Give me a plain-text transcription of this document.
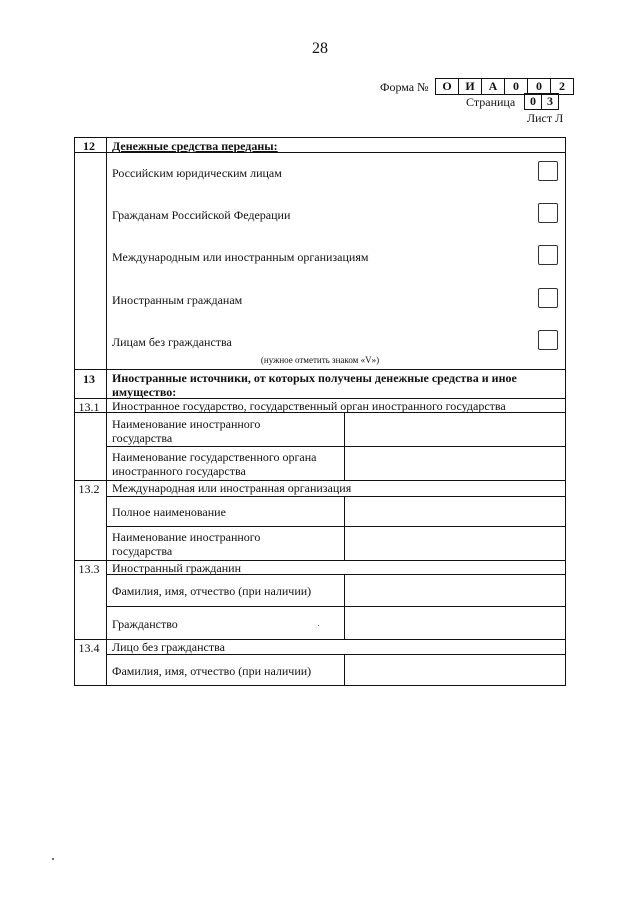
28
Форма №	О	И	А	0	0	2
Страница	0 3
Лист Л
12	Денежные средства переданы:
Российским юридическим лицам
Гражданам Российской Федерации
Международным или иностранным организациям
Иностранным гражданам
Лицам без гражданства
(нужное отметить знаком «V»)
13	Иностранные источники, от которых получены денежные средства и иное
имущество:
13.1	Иностранное государство, государственный орган иностранного государства
Наименование иностранного
государства
Наименование государственного органа
иностранного государства
13.2	Международная или иностранная организация
Полное наименование
Наименование иностранного
государства
13.3	Иностранный гражданин
Фамилия, имя, отчество (при наличии)
Гражданство
13.4	Лицо без гражданства
Фамилия, имя, отчество (при наличии)
